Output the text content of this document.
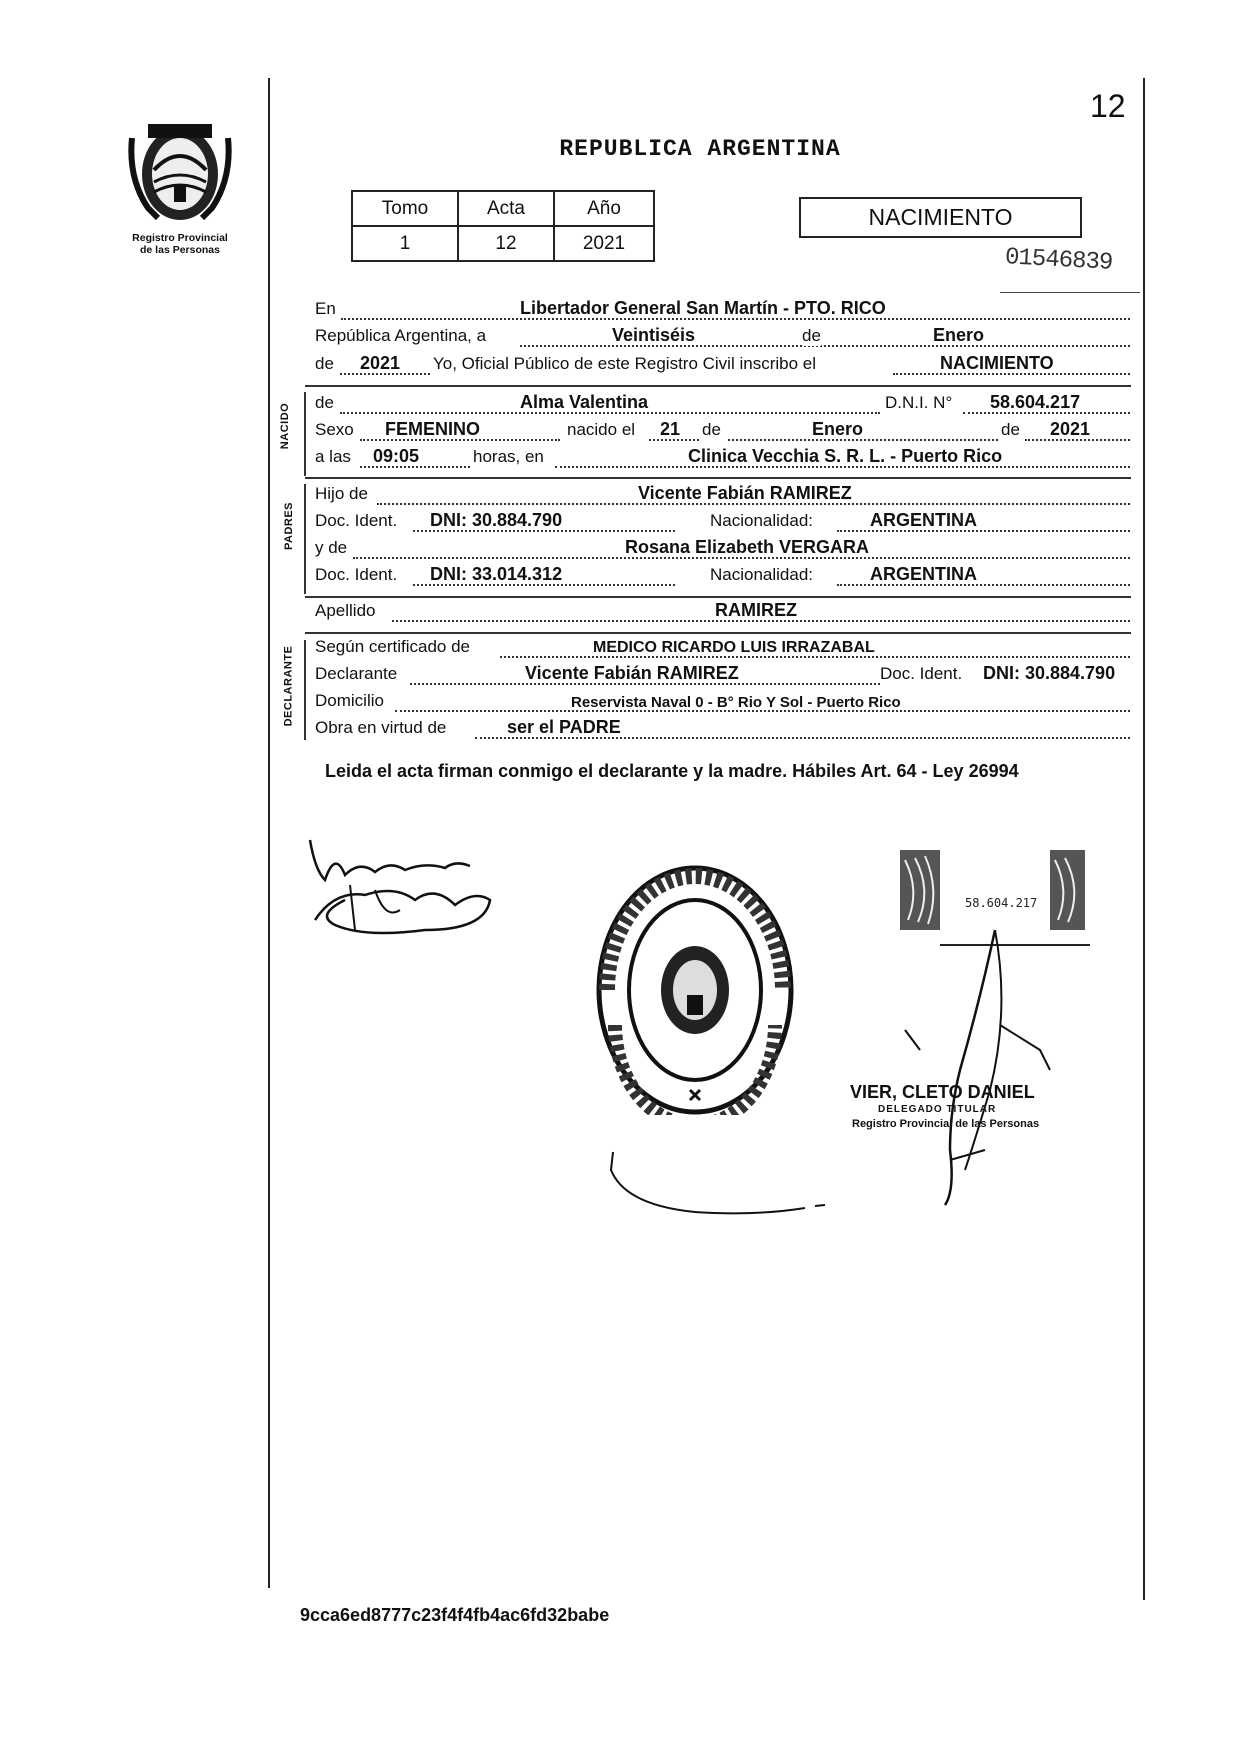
12
Registro Provincial
de las Personas
REPUBLICA ARGENTINA
Tomo	Acta	Año
1	12	2021
NACIMIENTO
01546839
En	Libertador General San Martín - PTO. RICO
República Argentina, a	Veintiséis	de	Enero
de 2021 Yo, Oficial Público de este Registro Civil inscribo el	NACIMIENTO
NACIDO
de	Alma Valentina	D.N.I. N° 58.604.217
Sexo FEMENINO	nacido el 21 de	Enero	de 2021
a las 09:05	horas, en	Clinica Vecchia S. R. L. - Puerto Rico
PADRES
Hijo de	Vicente Fabián RAMIREZ
Doc. Ident. DNI: 30.884.790	Nacionalidad:	ARGENTINA
y de	Rosana Elizabeth VERGARA
Doc. Ident. DNI: 33.014.312	Nacionalidad:	ARGENTINA
Apellido	RAMIREZ
DECLARANTE Según certificado de	MEDICO RICARDO LUIS IRRAZABAL
Declarante	Vicente Fabián RAMIREZ	Doc. Ident. DNI: 30.884.790
Domicilio	Reservista Naval 0 - B° Rio Y Sol - Puerto Rico
Obra en virtud de	ser el PADRE
Leida el acta firman conmigo el declarante y la madre. Hábiles Art. 64 - Ley 26994
58.604.217
VIER, CLETO DANIEL
DELEGADO TITULAR
Registro Provincial de las Personas
9cca6ed8777c23f4f4fb4ac6fd32babe
